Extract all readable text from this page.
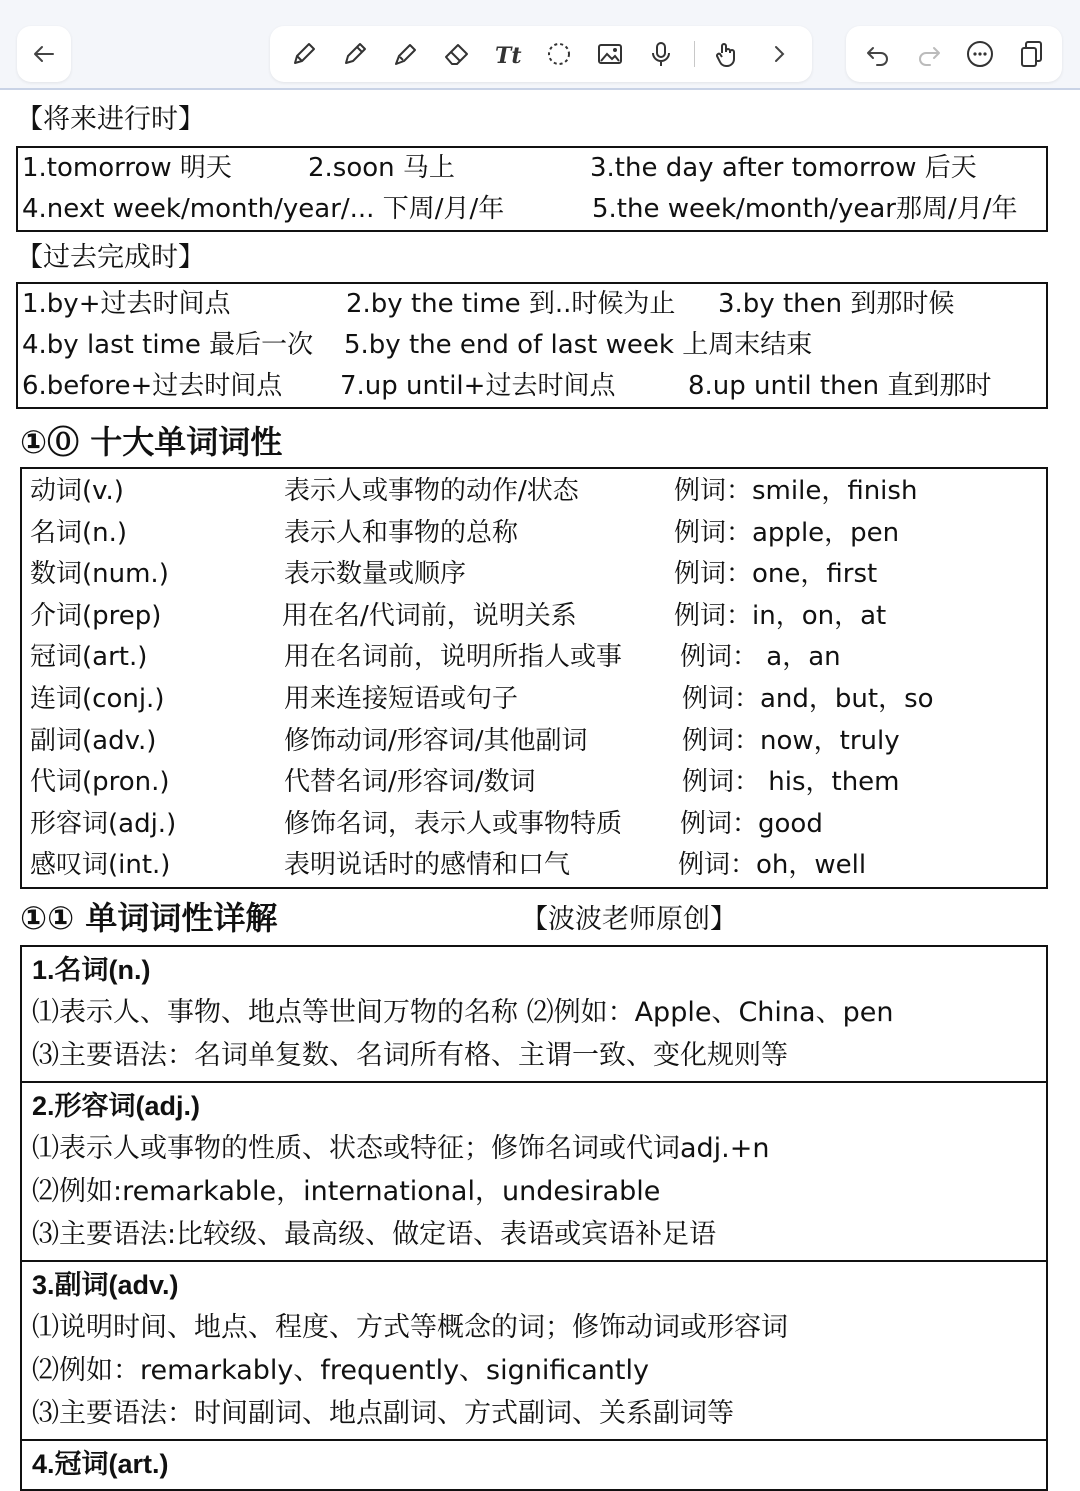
Tt
【将来进行时】
1.tomorrow 明天	2.soon 马上	3.the day after tomorrow 后天
4.next week/month/year/... 下周/月/年	5.the week/month/year那周/月/年
【过去完成时】
1.by+过去时间点	2.by the time 到..时候为止 3.by then 到那时候
4.by last time 最后一次 5.by the end of last week 上周末结束
6.before+过去时间点 7.up until+过去时间点	8.up until then 直到那时
①⓪ 十大单词词性
动词(v.)	表示人或事物的动作/状态	例词：smile，finish
名词(n.)	表示人和事物的总称	例词：apple，pen
数词(num.)	表示数量或顺序	例词：one，first
介词(prep)	用在名/代词前，说明关系	例词：in，on，at
冠词(art.)	用在名词前，说明所指人或事 例词： a，an
连词(conj.)	用来连接短语或句子	例词：and，but，so
副词(adv.)	修饰动词/形容词/其他副词	例词：now，truly
代词(pron.)	代替名词/形容词/数词	例词： his，them
形容词(adj.)	修饰名词，表示人或事物特质 例词：good
感叹词(int.)	表明说话时的感情和口气	例词：oh，well
①① 单词词性详解	【波波老师原创】
1.名词(n.)
⑴表示人、事物、地点等世间万物的名称 ⑵例如：Apple、China、pen
⑶主要语法：名词单复数、名词所有格、主谓一致、变化规则等
2.形容词(adj.)
⑴表示人或事物的性质、状态或特征；修饰名词或代词adj.+n
⑵例如:remarkable，international，undesirable
⑶主要语法:比较级、最高级、做定语、表语或宾语补足语
3.副词(adv.)
⑴说明时间、地点、程度、方式等概念的词；修饰动词或形容词
⑵例如：remarkably、frequently、significantly
⑶主要语法：时间副词、地点副词、方式副词、关系副词等
4.冠词(art.)
